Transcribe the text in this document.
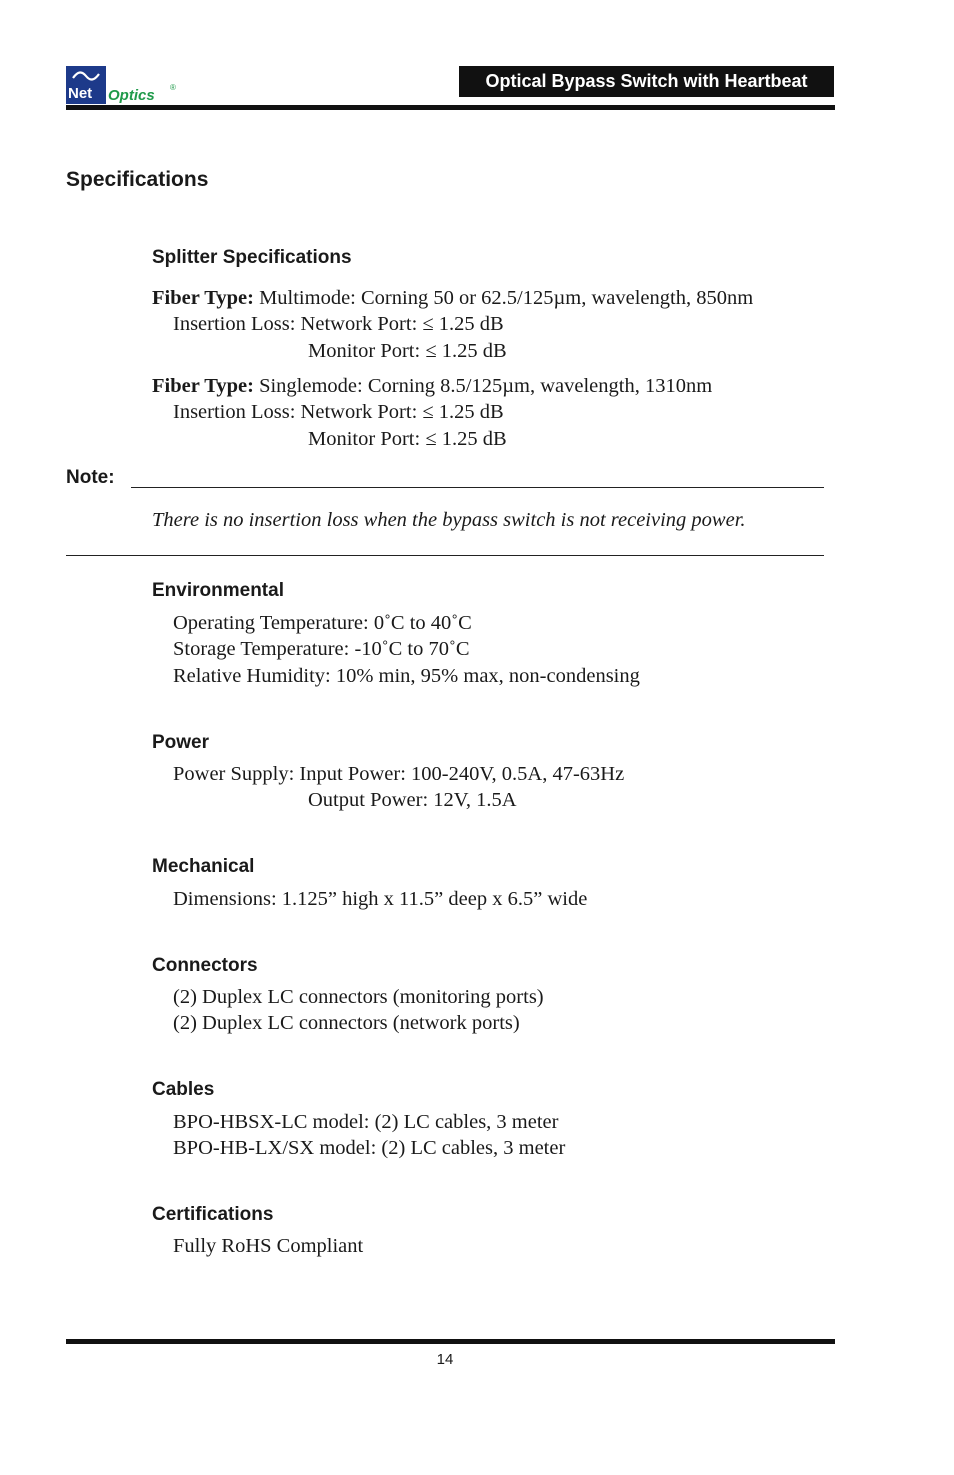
Net Optics ®	Optical Bypass Switch with Heartbeat
Specifications
Splitter Specifications
Fiber Type: Multimode: Corning 50 or 62.5/125µm, wavelength, 850nm
Insertion Loss: Network Port: ≤ 1.25 dB
Monitor Port: ≤ 1.25 dB
Fiber Type: Singlemode: Corning 8.5/125µm, wavelength, 1310nm
Insertion Loss: Network Port: ≤ 1.25 dB
Monitor Port: ≤ 1.25 dB
Note:
There is no insertion loss when the bypass switch is not receiving power.
Environmental
Operating Temperature: 0˚C to 40˚C
Storage Temperature: -10˚C to 70˚C
Relative Humidity: 10% min, 95% max, non-condensing
Power
Power Supply: Input Power: 100-240V, 0.5A, 47-63Hz
Output Power: 12V, 1.5A
Mechanical
Dimensions: 1.125” high x 11.5” deep x 6.5” wide
Connectors
(2) Duplex LC connectors (monitoring ports)
(2) Duplex LC connectors (network ports)
Cables
BPO-HBSX-LC model: (2) LC cables, 3 meter
BPO-HB-LX/SX model: (2) LC cables, 3 meter
Certifications
Fully RoHS Compliant
14
